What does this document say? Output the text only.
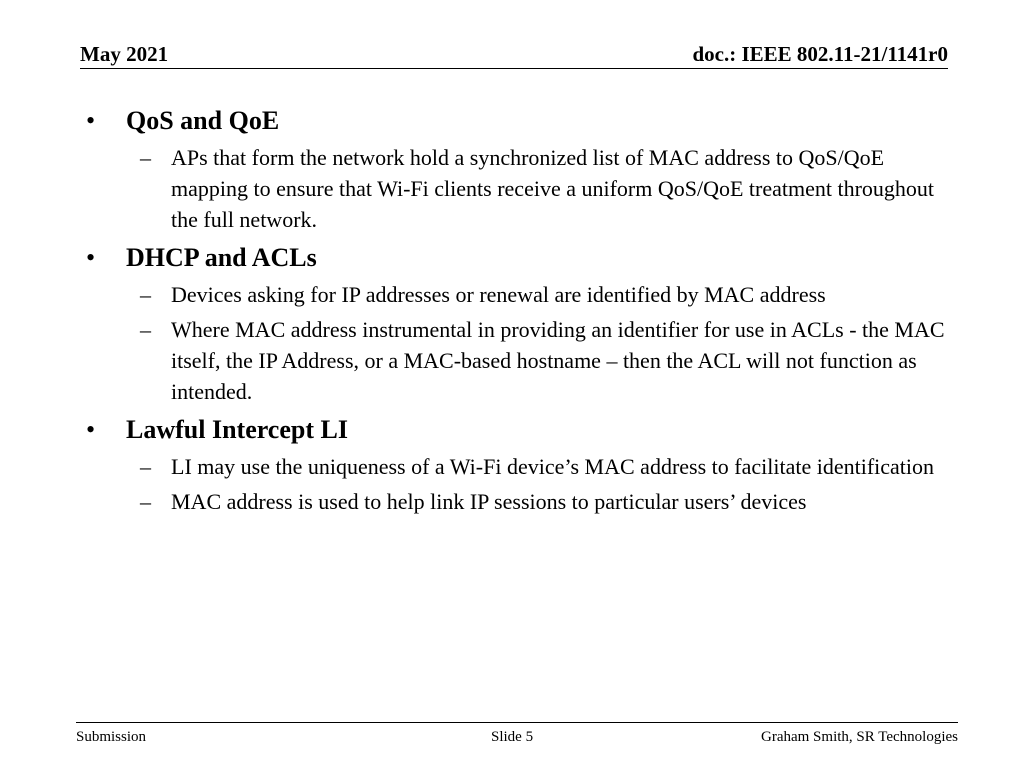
May 2021	doc.: IEEE 802.11-21/1141r0
• QoS and QoE
– APs that form the network hold a synchronized list of MAC address to QoS/QoE mapping to ensure that Wi-Fi clients receive a uniform QoS/QoE treatment throughout the full network.
• DHCP and ACLs
– Devices asking for IP addresses or renewal are identified by MAC address
– Where MAC address instrumental in providing an identifier for use in ACLs - the MAC itself, the IP Address, or a MAC-based hostname – then the ACL will not function as intended.
• Lawful Intercept LI
– LI may use the uniqueness of a Wi-Fi device’s MAC address to facilitate identification
– MAC address is used to help link IP sessions to particular users’ devices
Submission	Slide 5	Graham Smith, SR Technologies
